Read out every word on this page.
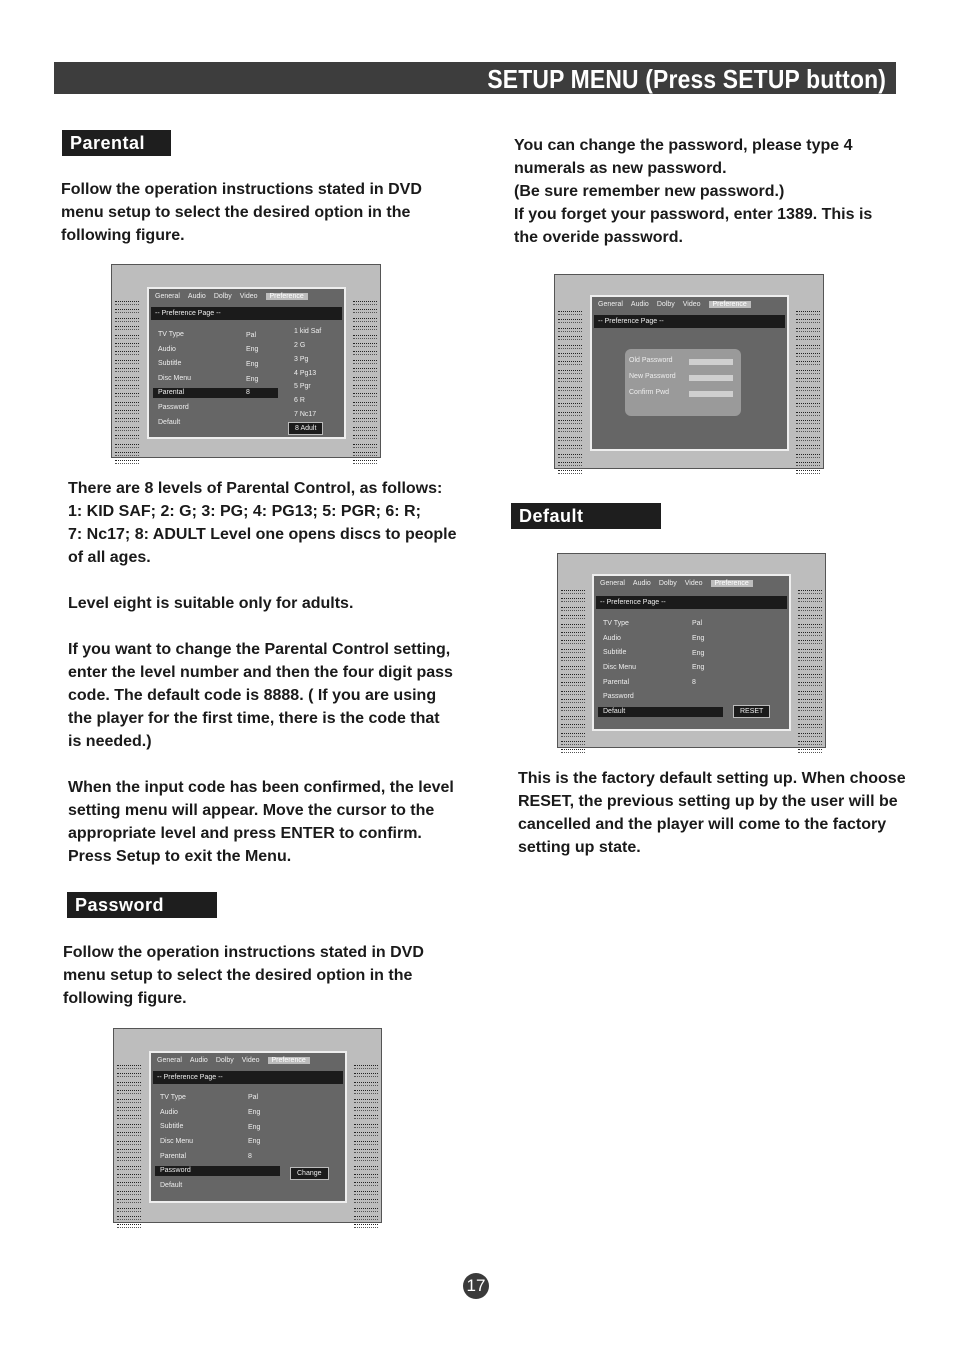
SETUP MENU (Press SETUP button)
Parental
Follow the operation instructions stated in DVD
menu setup to select the desired option in the
following figure.
General Audio Dolby Video Preference
-- Preference Page --
TV Type
Audio
Subtitle
Disc Menu
Parental
Password
Default
Pal
Eng
Eng
Eng
8
1 kid Saf
2 G
3 Pg
4 Pg13
5 Pgr
6 R
7 Nc17
8 Adult
There are 8 levels of Parental Control, as follows:
1: KID SAF; 2: G; 3: PG; 4: PG13; 5: PGR; 6: R;
7: Nc17; 8: ADULT Level one opens discs to people
of all ages.

Level eight is suitable only for adults.

If you want to change the Parental Control setting,
enter the level number and then the four digit pass
code. The default code is 8888. ( If you are using
the player for the first time, there is the code that
is needed.)

When the input code has been confirmed, the level
setting menu will appear. Move the cursor to the
appropriate level and press ENTER to confirm.
Press Setup to exit the Menu.
Password
Follow the operation instructions stated in DVD
menu setup to select the desired option in the
following figure.
General Audio Dolby Video Preference
-- Preference Page --
TV Type
Audio
Subtitle
Disc Menu
Parental
Password
Default
Pal
Eng
Eng
Eng
8
Change
You can change the password, please type 4
numerals as new password.
(Be sure remember new password.)
If you forget your password, enter 1389. This is
the overide password.
General Audio Dolby Video Preference
-- Preference Page --
Old Password
New Password
Confirm Pwd
Default
General Audio Dolby Video Preference
-- Preference Page --
TV Type
Audio
Subtitle
Disc Menu
Parental
Password
Default
Pal
Eng
Eng
Eng
8
RESET
This is the factory default setting up. When choose
RESET, the previous setting up by the user will be
cancelled and the player will come to the factory
setting up state.
17
